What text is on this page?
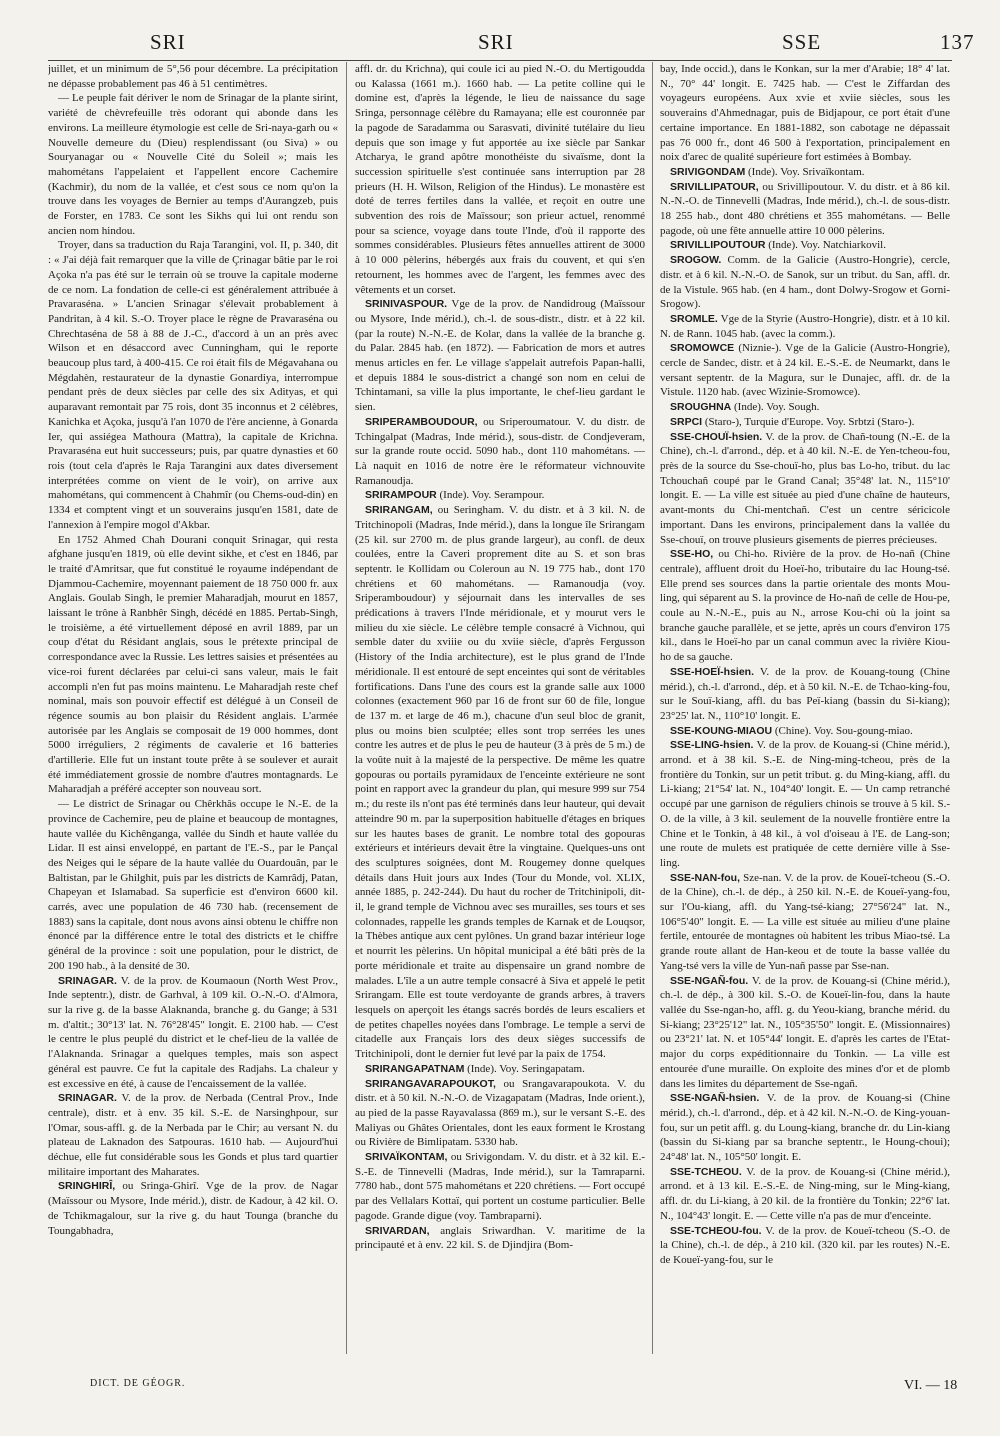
SRI	SRI	SSE	137

juillet, et un minimum de 5°,56 pour décembre. La précipitation ne dépasse probablement pas 46 à 51 centimètres.

— Le peuple fait dériver le nom de Srinagar de la plante sirint, variété de chèvrefeuille très odorant qui abonde dans les environs. La meilleure étymologie est celle de Sri-naya-garh ou « Nouvelle demeure du (Dieu) resplendissant (ou Siva) » ou Souryanagar ou « Nouvelle Cité du Soleil »; mais les mahométans l'appelaient et l'appellent encore Cachemire (Kachmir), du nom de la vallée, et c'est sous ce nom qu'on la trouve dans les voyages de Bernier au temps d'Aurangzeb, puis de Forster, en 1783. Ce sont les Sikhs qui lui ont rendu son ancien nom hindou.

Troyer, dans sa traduction du Raja Tarangini, vol. II, p. 340, dit : « J'ai déjà fait remarquer que la ville de Çrinagar bâtie par le roi Açoka n'a pas été sur le terrain où se trouve la capitale moderne de ce nom. La fondation de celle-ci est généralement attribuée à Pravaraséna. » L'ancien Srinagar s'élevait probablement à Pandritan, à 4 kil. S.-O. Troyer place le règne de Pravaraséna ou Chrechtaséna de 58 à 88 de J.-C., d'accord à un an près avec Wilson et en désaccord avec Cunningham, qui le reporte beaucoup plus tard, à 400-415. Ce roi était fils de Mégavahana ou Mégdahèn, restaurateur de la dynastie Gonardiya, interrompue pendant près de deux siècles par celle des six Adityas, et qui auparavant remontait par 75 rois, dont 35 inconnus et 2 célèbres, Kanichka et Açoka, jusqu'à l'an 1070 de l'ère ancienne, à Gonarda Ier, qui assiégea Mathoura (Mattra), la capitale de Krichna. Pravaraséna eut huit successeurs; puis, par quatre dynasties et 60 rois (tout cela d'après le Raja Tarangini aux dates diversement interprétées comme on vient de le voir), on arrive aux mahométans, qui commencent à Chahmîr (ou Chems-oud-din) en 1334 et comptent vingt et un souverains jusqu'en 1581, date de l'annexion à l'empire mogol d'Akbar.

En 1752 Ahmed Chah Dourani conquit Srinagar, qui resta afghane jusqu'en 1819, où elle devint sikhe, et c'est en 1846, par le traité d'Amritsar, que fut constitué le royaume indépendant de Djammou-Cachemire, moyennant paiement de 18 750 000 fr. aux Anglais. Goulab Singh, le premier Maharadjah, mourut en 1857, laissant le trône à Ranbhêr Singh, décédé en 1885. Pertab-Singh, le troisième, a été virtuellement déposé en avril 1889, par un coup d'état du Résidant anglais, sous le prétexte principal de correspondance avec la Russie. Les lettres saisies et présentées au vice-roi furent déclarées par celui-ci sans valeur, mais le fait accompli n'en fut pas moins maintenu. Le Maharadjah reste chef nominal, mais son pouvoir effectif est délégué à un Conseil de régence soumis au bon plaisir du Résident anglais. L'armée autorisée par les Anglais se composait de 19 000 hommes, dont 5000 irréguliers, 2 régiments de cavalerie et 16 batteries d'artillerie. Elle fut un instant toute prête à se soulever et aurait été immédiatement grossie de nombre d'autres montagnards. Le Maharadjah a préféré accepter son nouveau sort.

— Le district de Srinagar ou Chêrkhâs occupe le N.-E. de la province de Cachemire, peu de plaine et beaucoup de montagnes, haute vallée du Kichênganga, vallée du Sindh et haute vallée du Lidar. Il est ainsi enveloppé, en partant de l'E.-S., par le Pançal des Neiges qui le sépare de la haute vallée du Ouardouân, par le Baltistan, par le Ghilghit, puis par les districts de Kamrâdj, Patan, Chapeyan et Islamabad. Sa superficie est d'environ 6600 kil. carrés, avec une population de 46 730 hab. (recensement de 1883) sans la capitale, dont nous avons ainsi obtenu le chiffre non énoncé par la différence entre le total des districts et le chiffre général de la province : soit une population, pour le district, de 200 190 hab., à la densité de 30.

SRINAGAR. V. de la prov. de Koumaoun (North West Prov., Inde septentr.), distr. de Garhval, à 109 kil. O.-N.-O. d'Almora, sur la rive g. de la basse Alaknanda, branche g. du Gange; à 531 m. d'altit.; 30°13' lat. N. 76°28'45" longit. E. 2100 hab. — C'est le centre le plus peuplé du district et le chef-lieu de la vallée de l'Alaknanda. Srinagar a quelques temples, mais son aspect général est pauvre. Ce fut la capitale des Radjahs. La chaleur y est excessive en été, à cause de l'encaissement de la vallée.

SRINAGAR. V. de la prov. de Nerbada (Central Prov., Inde centrale), distr. et à env. 35 kil. S.-E. de Narsinghpour, sur l'Omar, sous-affl. g. de la Nerbada par le Chir; au versant N. du plateau de Laknadon des Satpouras. 1610 hab. — Aujourd'hui déchue, elle fut considérable sous les Gonds et plus tard quartier militaire important des Maharates.

SRINGHIRÎ, ou Sringa-Ghirî. Vge de la prov. de Nagar (Maïssour ou Mysore, Inde mérid.), distr. de Kadour, à 42 kil. O. de Tchikmagalour, sur la rive g. du haut Tounga (branche du Toungabhadra,

affl. dr. du Krichna), qui coule ici au pied N.-O. du Mertigoudda ou Kalassa (1661 m.). 1660 hab. — La petite colline qui le domine est, d'après la légende, le lieu de naissance du sage Sringa, personnage célèbre du Ramayana; elle est couronnée par la pagode de Saradamma ou Sarasvati, divinité tutélaire du lieu depuis que son image y fut apportée au ixe siècle par Sankar Atcharya, le grand apôtre monothéiste du sivaïsme, dont la succession spirituelle s'est continuée sans interruption par 28 prieurs (H. H. Wilson, Religion of the Hindus). Le monastère est doté de terres fertiles dans la vallée, et reçoit en outre une subvention des rois de Maïssour; son prieur actuel, renommé pour sa science, voyage dans toute l'Inde, d'où il rapporte des sommes considérables. Plusieurs fêtes annuelles attirent de 3000 à 10 000 pèlerins, hébergés aux frais du couvent, et qui s'en retournent, les hommes avec de l'argent, les femmes avec des vêtements et un corset.

SRINIVASPOUR. Vge de la prov. de Nandidroug (Maïssour ou Mysore, Inde mérid.), ch.-l. de sous-distr., distr. et à 22 kil. (par la route) N.-N.-E. de Kolar, dans la vallée de la branche g. du Palar. 2845 hab. (en 1872). — Fabrication de mors et autres menus articles en fer. Le village s'appelait autrefois Papan-halli, et depuis 1884 le sous-district a changé son nom en celui de Tchintamani, sa ville la plus importante, le chef-lieu gardant le sien.

SRIPERAMBOUDOUR, ou Sriperoumatour. V. du distr. de Tchingalpat (Madras, Inde mérid.), sous-distr. de Condjeveram, sur la grande route occid. 5090 hab., dont 110 mahométans. — Là naquit en 1016 de notre ère le réformateur vichnouvite Ramanoudja.

SRIRAMPOUR (Inde). Voy. Serampour.

SRIRANGAM, ou Seringham. V. du distr. et à 3 kil. N. de Tritchinopoli (Madras, Inde mérid.), dans la longue île Srirangam (25 kil. sur 2700 m. de plus grande largeur), au confl. de deux coulées, entre la Caveri proprement dite au S. et son bras septentr. le Kollidam ou Coleroun au N. 19 775 hab., dont 170 chrétiens et 60 mahométans. — Ramanoudja (voy. Sriperamboudour) y séjournait dans les intervalles de ses prédications à travers l'Inde méridionale, et y mourut vers le milieu du xie siècle. Le célèbre temple consacré à Vichnou, qui semble dater du xviiie ou du xviie siècle, d'après Fergusson (History of the India architecture), est le plus grand de l'Inde méridionale. Il est entouré de sept enceintes qui sont de véritables fortifications. Dans l'une des cours est la grande salle aux 1000 colonnes (exactement 960 par 16 de front sur 60 de file, longue de 137 m. et large de 46 m.), chacune d'un seul bloc de granit, plus ou moins bien sculptée; elles sont trop serrées les unes contre les autres et de plus le peu de hauteur (3 à près de 5 m.) de la voûte nuit à la majesté de la perspective. De même les quatre gopouras ou portails pyramidaux de l'enceinte extérieure ne sont point en rapport avec la grandeur du plan, qui mesure 999 sur 754 m.; du reste ils n'ont pas été terminés dans leur hauteur, qui devait atteindre 90 m. par la superposition habituelle d'étages en briques sur les hautes bases de granit. Le nombre total des gopouras extérieurs et intérieurs devait être la vingtaine. Quelques-uns ont des sculptures soignées, dont M. Rougemey donne quelques détails dans Huit jours aux Indes (Tour du Monde, vol. XLIX, année 1885, p. 242-244). Du haut du rocher de Tritchinipoli, dit-il, le grand temple de Vichnou avec ses murailles, ses tours et ses colonnades, rappelle les grands temples de Karnak et de Louqsor, la Thèbes antique aux cent pylônes. Un grand bazar intérieur loge et nourrit les pèlerins. Un hôpital municipal a été bâti près de la porte méridionale et traite au dispensaire un grand nombre de malades. L'île a un autre temple consacré à Siva et appelé le petit Srirangam. Elle est toute verdoyante de grands arbres, à travers lesquels on aperçoit les étangs sacrés bordés de leurs escaliers et de petites chapelles noyées dans l'ombrage. Le temple a servi de citadelle aux Français lors des deux sièges successifs de Tritchinipoli, dont le dernier fut levé par la paix de 1754.

SRIRANGAPATNAM (Inde). Voy. Seringapatam.

SRIRANGAVARAPOUKOT, ou Srangavarapoukota. V. du distr. et à 50 kil. N.-N.-O. de Vizagapatam (Madras, Inde orient.), au pied de la passe Rayavalassa (869 m.), sur le versant S.-E. des Maliyas ou Ghâtes Orientales, dont les eaux forment le Krostang ou Rivière de Bimlipatam. 5330 hab.

SRIVAÏKONTAM, ou Srivigondam. V. du distr. et à 32 kil. E.-S.-E. de Tinnevelli (Madras, Inde mérid.), sur la Tamraparni. 7780 hab., dont 575 mahométans et 220 chrétiens. — Fort occupé par des Vellalars Kottaï, qui portent un costume particulier. Belle pagode. Grande digue (voy. Tambraparni).

SRIVARDAN, anglais Sriwardhan. V. maritime de la principauté et à env. 22 kil. S. de Djindjira (Bom-

bay, Inde occid.), dans le Konkan, sur la mer d'Arabie; 18° 4' lat. N., 70° 44' longit. E. 7425 hab. — C'est le Ziffardan des voyageurs européens. Aux xvie et xviie siècles, sous les souverains d'Ahmednagar, puis de Bidjapour, ce port était d'une certaine importance. En 1881-1882, son cabotage ne dépassait pas 76 000 fr., dont 46 500 à l'exportation, principalement en noix d'arec de qualité supérieure fort estimées à Bombay.

SRIVIGONDAM (Inde). Voy. Srivaïkontam.

SRIVILLIPATOUR, ou Srivillipoutour. V. du distr. et à 86 kil. N.-N.-O. de Tinnevelli (Madras, Inde mérid.), ch.-l. de sous-distr. 18 255 hab., dont 480 chrétiens et 355 mahométans. — Belle pagode, où une fête annuelle attire 10 000 pèlerins.

SRIVILLIPOUTOUR (Inde). Voy. Natchiarkovil.

SROGOW. Comm. de la Galicie (Austro-Hongrie), cercle, distr. et à 6 kil. N.-N.-O. de Sanok, sur un tribut. du San, affl. dr. de la Vistule. 965 hab. (en 4 ham., dont Dolwy-Srogow et Gorni-Srogow).

SROMLE. Vge de la Styrie (Austro-Hongrie), distr. et à 10 kil. N. de Rann. 1045 hab. (avec la comm.).

SROMOWCE (Niznie-). Vge de la Galicie (Austro-Hongrie), cercle de Sandec, distr. et à 24 kil. E.-S.-E. de Neumarkt, dans le versant septentr. de la Magura, sur le Dunajec, affl. dr. de la Vistule. 1120 hab. (avec Wizinie-Sromowce).

SROUGHNA (Inde). Voy. Sough.

SRPCI (Staro-), Turquie d'Europe. Voy. Srbtzi (Staro-).

SSE-CHOUÏ-hsien. V. de la prov. de Chañ-toung (N.-E. de la Chine), ch.-l. d'arrond., dép. et à 40 kil. N.-E. de Yen-tcheou-fou, près de la source du Sse-chouï-ho, plus bas Lo-ho, tribut. du lac Tchouchañ coupé par le Grand Canal; 35°48' lat. N., 115°10' longit. E. — La ville est située au pied d'une chaîne de hauteurs, avant-monts du Chi-mentchañ. C'est un centre séricicole important. Dans les environs, principalement dans la vallée du Sse-chouï, on trouve plusieurs gisements de pierres précieuses.

SSE-HO, ou Chi-ho. Rivière de la prov. de Ho-nañ (Chine centrale), affluent droit du Hoeï-ho, tributaire du lac Houng-tsé. Elle prend ses sources dans la partie orientale des monts Mou-ling, qui séparent au S. la province de Ho-nañ de celle de Hou-pe, coule au N.-N.-E., puis au N., arrose Kou-chi où la joint sa branche gauche parallèle, et se jette, après un cours d'environ 175 kil., dans le Hoeï-ho par un canal commun avec la rivière Kiou-ho de sa gauche.

SSE-HOEÏ-hsien. V. de la prov. de Kouang-toung (Chine mérid.), ch.-l. d'arrond., dép. et à 50 kil. N.-E. de Tchao-king-fou, sur le Souï-kiang, affl. du bas Peï-kiang (bassin du Si-kiang); 23°25' lat. N., 110°10' longit. E.

SSE-KOUNG-MIAOU (Chine). Voy. Sou-goung-miao.

SSE-LING-hsien. V. de la prov. de Kouang-si (Chine mérid.), arrond. et à 38 kil. S.-E. de Ning-ming-tcheou, près de la frontière du Tonkin, sur un petit tribut. g. du Ming-kiang, affl. du Li-kiang; 21°54' lat. N., 104°40' longit. E. — Un camp retranché occupé par une garnison de réguliers chinois se trouve à 5 kil. S.-O. de la ville, à 3 kil. seulement de la nouvelle frontière entre la Chine et le Tonkin, à 48 kil., à vol d'oiseau à l'E. de Lang-son; une route de mulets est pratiquée de cette dernière ville à Sse-ling.

SSE-NAN-fou, Sze-nan. V. de la prov. de Koueï-tcheou (S.-O. de la Chine), ch.-l. de dép., à 250 kil. N.-E. de Koueï-yang-fou, sur l'Ou-kiang, affl. du Yang-tsé-kiang; 27°56'24" lat. N., 106°5'40" longit. E. — La ville est située au milieu d'une plaine fertile, entourée de montagnes où habitent les tribus Miao-tsé. La grande route allant de Han-keou et de toute la basse vallée du Yang-tsé vers la ville de Yun-nañ passe par Sse-nan.

SSE-NGAÑ-fou. V. de la prov. de Kouang-si (Chine mérid.), ch.-l. de dép., à 300 kil. S.-O. de Koueï-lin-fou, dans la haute vallée du Sse-ngan-ho, affl. g. du Yeou-kiang, branche mérid. du Si-kiang; 23°25'12" lat. N., 105°35'50" longit. E. (Missionnaires) ou 23°21' lat. N. et 105°44' longit. E. d'après les cartes de l'Etat-major du corps expéditionnaire du Tonkin. — La ville est entourée d'une muraille. On exploite des mines d'or et de plomb dans les limites du département de Sse-ngañ.

SSE-NGAÑ-hsien. V. de la prov. de Kouang-si (Chine mérid.), ch.-l. d'arrond., dép. et à 42 kil. N.-N.-O. de King-youan-fou, sur un petit affl. g. du Loung-kiang, branche dr. du Lin-kiang (bassin du Si-kiang par sa branche septentr., le Houng-choui); 24°48' lat. N., 105°50' longit. E.

SSE-TCHEOU. V. de la prov. de Kouang-si (Chine mérid.), arrond. et à 13 kil. E.-S.-E. de Ning-ming, sur le Ming-kiang, affl. dr. du Li-kiang, à 20 kil. de la frontière du Tonkin; 22°6' lat. N., 104°43' longit. E. — Cette ville n'a pas de mur d'enceinte.

SSE-TCHEOU-fou. V. de la prov. de Koueï-tcheou (S.-O. de la Chine), ch.-l. de dép., à 210 kil. (320 kil. par les routes) N.-E. de Koueï-yang-fou, sur le

DICT. DE GÉOGR.	VI. — 18
